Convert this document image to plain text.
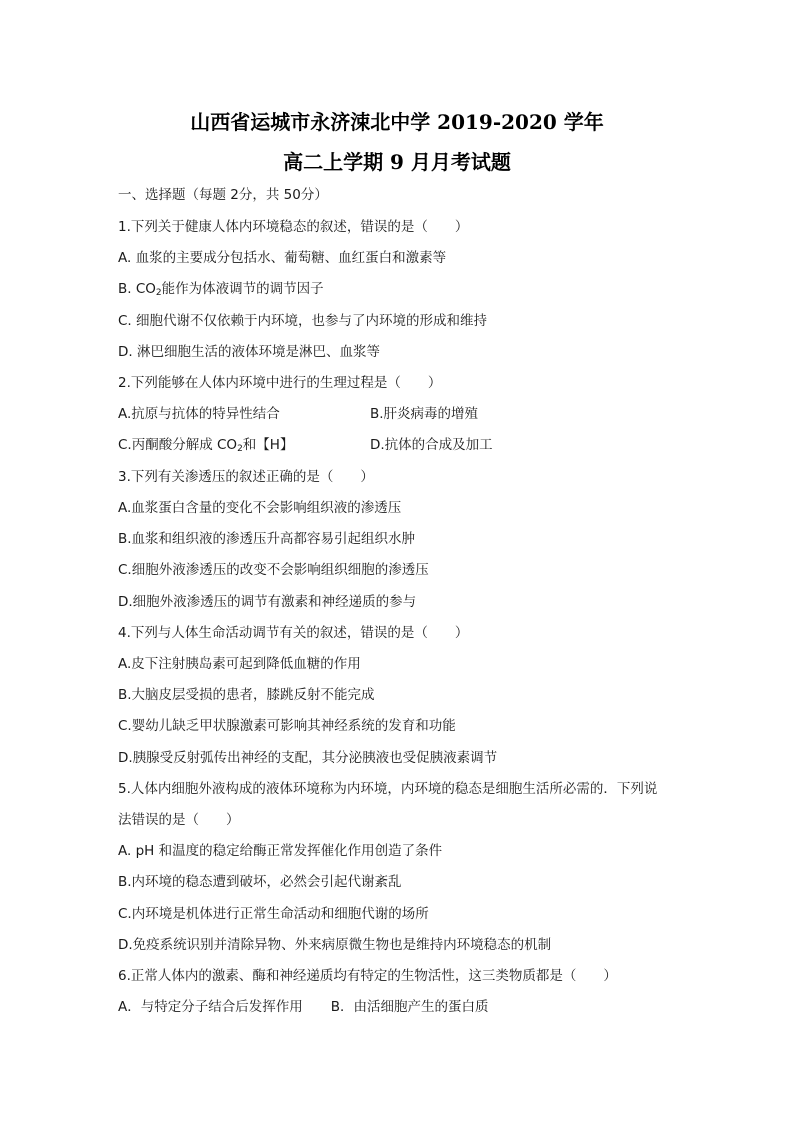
山西省运城市永济涑北中学 2019-2020 学年
高二上学期 9 月月考试题
一、选择题（每题 2分，共 50分）
1.下列关于健康人体内环境稳态的叙述，错误的是（　　）
A. 血浆的主要成分包括水、葡萄糖、血红蛋白和激素等
B. $CO_2$能作为体液调节的调节因子
C. 细胞代谢不仅依赖于内环境，也参与了内环境的形成和维持
D. 淋巴细胞生活的液体环境是淋巴、血浆等
2.下列能够在人体内环境中进行的生理过程是（　　）
A.抗原与抗体的特异性结合	B.肝炎病毒的增殖
C.丙酮酸分解成 $CO_2$和【H】	D.抗体的合成及加工
3.下列有关渗透压的叙述正确的是（　　）
A.血浆蛋白含量的变化不会影响组织液的渗透压
B.血浆和组织液的渗透压升高都容易引起组织水肿
C.细胞外液渗透压的改变不会影响组织细胞的渗透压
D.细胞外液渗透压的调节有激素和神经递质的参与
4.下列与人体生命活动调节有关的叙述，错误的是（　　）
A.皮下注射胰岛素可起到降低血糖的作用
B.大脑皮层受损的患者，膝跳反射不能完成
C.婴幼儿缺乏甲状腺激素可影响其神经系统的发育和功能
D.胰腺受反射弧传出神经的支配，其分泌胰液也受促胰液素调节
5.人体内细胞外液构成的液体环境称为内环境，内环境的稳态是细胞生活所必需的．下列说
法错误的是（　　）
A. pH 和温度的稳定给酶正常发挥催化作用创造了条件
B.内环境的稳态遭到破坏，必然会引起代谢紊乱
C.内环境是机体进行正常生命活动和细胞代谢的场所
D.免疫系统识别并清除异物、外来病原微生物也是维持内环境稳态的机制
6.正常人体内的激素、酶和神经递质均有特定的生物活性，这三类物质都是（　　）
A．与特定分子结合后发挥作用 B．由活细胞产生的蛋白质
